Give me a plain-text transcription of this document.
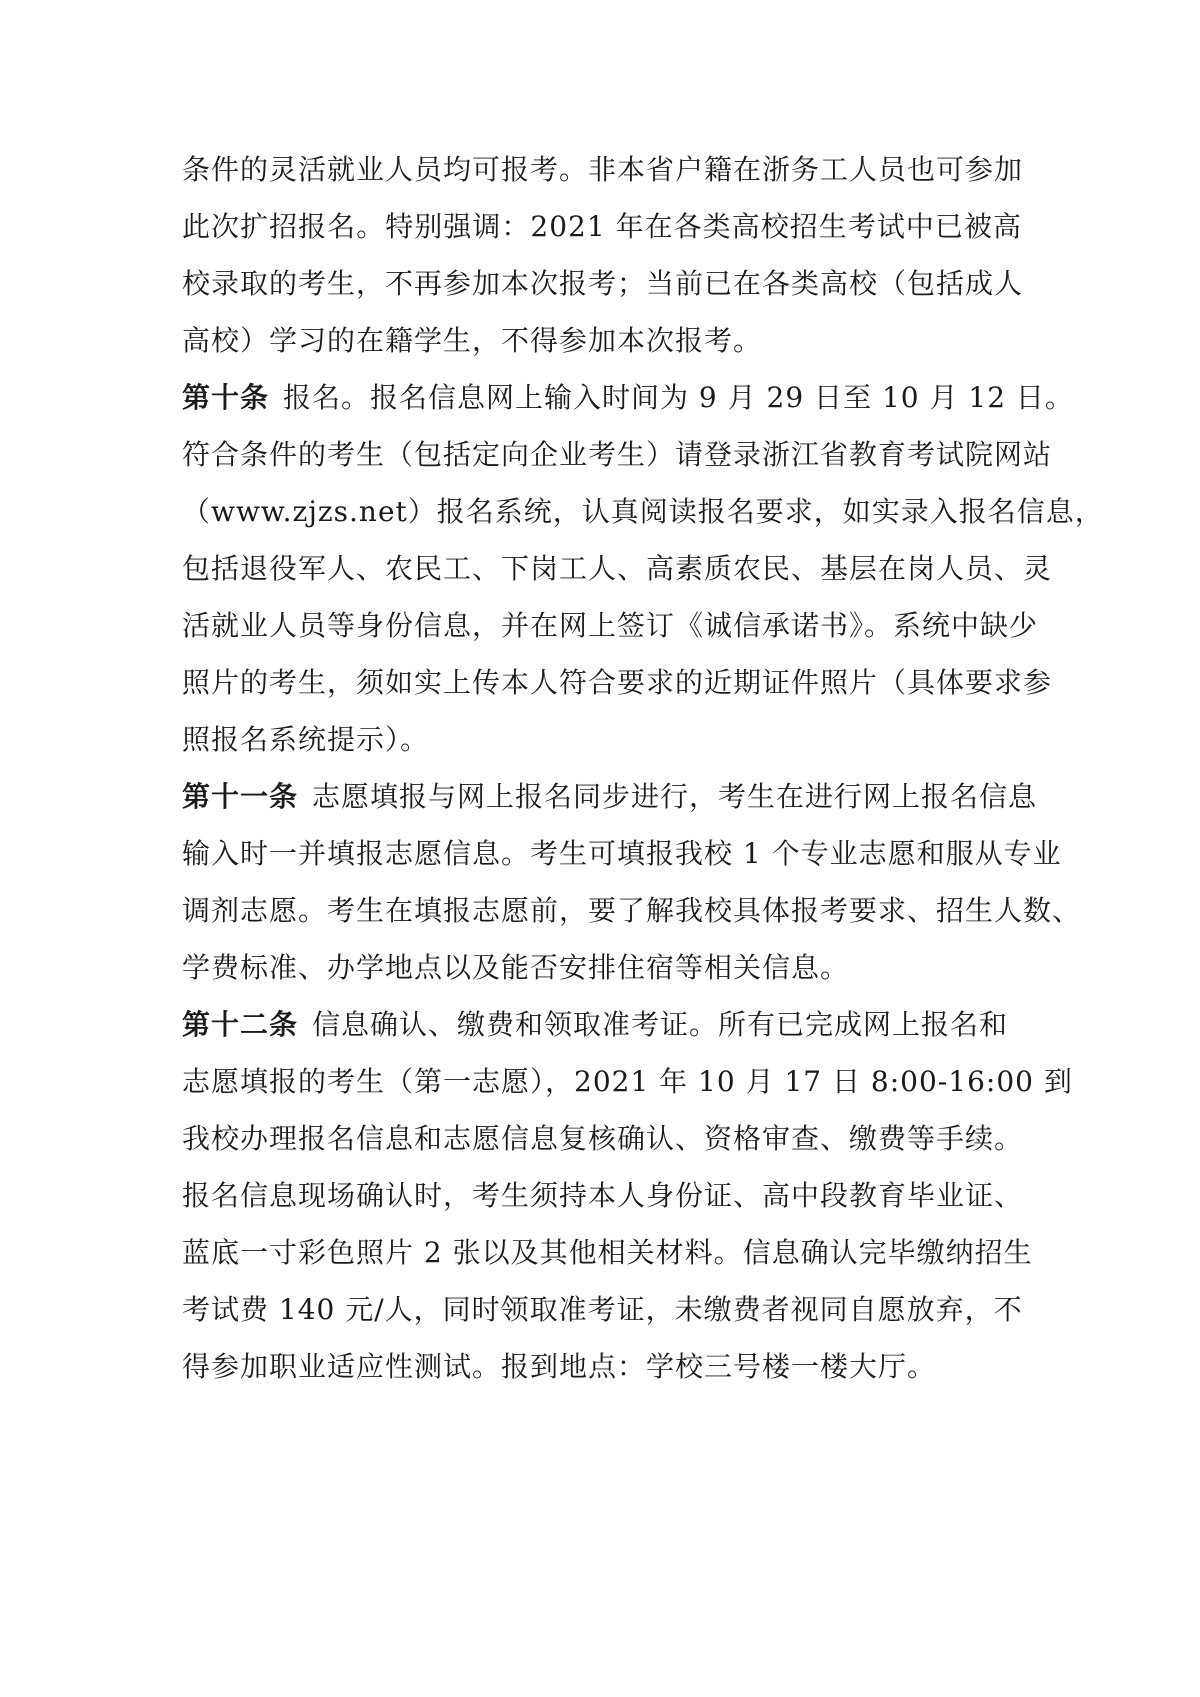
条件的灵活就业人员均可报考。非本省户籍在浙务工人员也可参加
此次扩招报名。特别强调：2021 年在各类高校招生考试中已被高
校录取的考生，不再参加本次报考；当前已在各类高校（包括成人
高校）学习的在籍学生，不得参加本次报考。
第十条 报名。报名信息网上输入时间为 9 月 29 日至 10 月 12 日。
符合条件的考生（包括定向企业考生）请登录浙江省教育考试院网站
（www.zjzs.net）报名系统，认真阅读报名要求，如实录入报名信息，
包括退役军人、农民工、下岗工人、高素质农民、基层在岗人员、灵
活就业人员等身份信息，并在网上签订《诚信承诺书》。系统中缺少
照片的考生，须如实上传本人符合要求的近期证件照片（具体要求参
照报名系统提示）。
第十一条 志愿填报与网上报名同步进行，考生在进行网上报名信息
输入时一并填报志愿信息。考生可填报我校 1 个专业志愿和服从专业
调剂志愿。考生在填报志愿前，要了解我校具体报考要求、招生人数、
学费标准、办学地点以及能否安排住宿等相关信息。
第十二条 信息确认、缴费和领取准考证。所有已完成网上报名和
志愿填报的考生（第一志愿），2021 年 10 月 17 日 8:00-16:00 到
我校办理报名信息和志愿信息复核确认、资格审查、缴费等手续。
报名信息现场确认时，考生须持本人身份证、高中段教育毕业证、
蓝底一寸彩色照片 2 张以及其他相关材料。信息确认完毕缴纳招生
考试费 140 元/人，同时领取准考证，未缴费者视同自愿放弃，不
得参加职业适应性测试。报到地点：学校三号楼一楼大厅。
